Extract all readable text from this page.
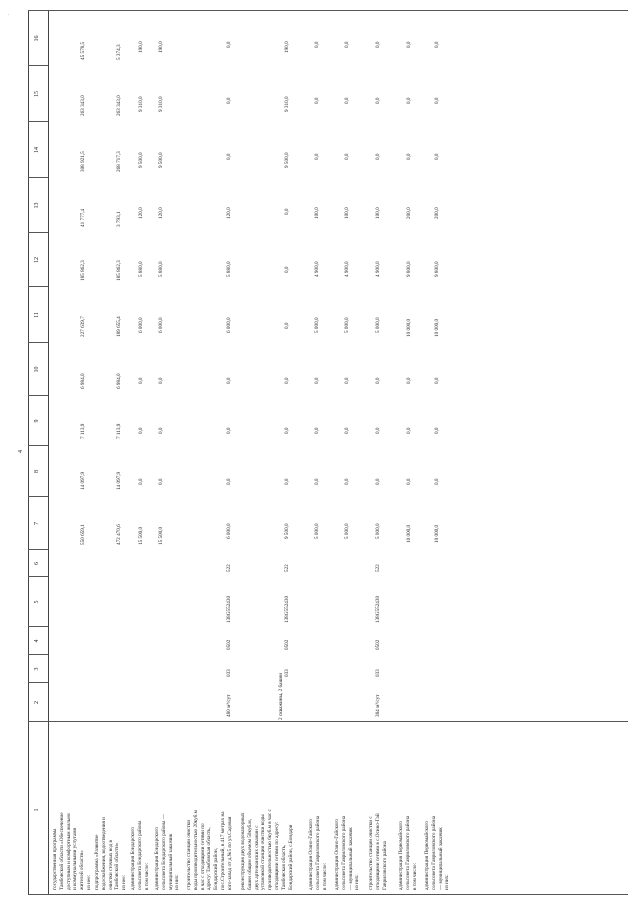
.
4
1
2
3
4
5
6
7
8
9
10
11
12
13
14
15
16
государственная программа
Тамбовской области «Обеспечение
доступным и комфортным жильем
и коммунальными услугами
жителей области»
из нее:
550 659,1
14 097,9
7 113,9
6 984,0
227 639,7
185 862,3
41 777,4
308 921,5
263 343,0
45 578,5
подпрограмма «Развитие
водоснабжения, водоотведения и
очистки сточных вод в
Тамбовской области»
из нее:
472 470,6
14 097,9
7 113,9
6 984,0
189 655,4
185 862,3
3 793,1
268 717,3
263 343,0
5 374,3
администрация Бондарского
сельсовета Бондарского района
в том числе:
15 500,0
0,0
0,0
0,0
6 000,0
5 880,0
120,0
9 500,0
9 310,0
190,0
администрация Бондарского
сельсовета Бондарского района —
муниципальный заказчик
из них:
15 500,0
0,0
0,0
0,0
6 000,0
5 880,0
120,0
9 500,0
9 310,0
190,0
строительство станции очистки
воды производительностью 20куб.м
в час с отходящими сетями по
адресу: Тамбовская область,
Бондарский район,
пос.Строительный, в 417 метрах на
юго-запад от д.№5 по ул.Садовая
480 м³/сут
033
0502
138G552430
522
6 000,0
0,0
0,0
0,0
6 000,0
5 880,0
120,0
0,0
0,0
0,0
реконструкция двух водонапорных
башен общим объемом 50куб.м,
двух артезианских скважин с
установкой станции очистки воды
производительностью 6куб.м в час с
отходящими сетями по адресу:
Тамбовская область,
Бондарский район, с.Бондари
2 скважины, 2 башни 033
0502
138G552430
522
9 500,0
0,0
0,0
0,0
0,0
0,0
0,0
9 500,0
9 310,0
190,0
администрация Осино-Гайского
сельсовета Гавриловского района
в том числе:
5 000,0
0,0
0,0
0,0
5 000,0
4 900,0
100,0
0,0
0,0
0,0
администрация Осино-Гайского
сельсовета Гавриловского района
— муниципальный заказчик
из них:
5 000,0
0,0
0,0
0,0
5 000,0
4 900,0
100,0
0,0
0,0
0,0
строительство станции очистки с
отходящими сетями в с.Осино-Гай
Гавриловского района
384 м³/сут
033
0502
138G552430
522
5 000,0
0,0
0,0
0,0
5 000,0
4 900,0
100,0
0,0
0,0
0,0
администрация Первомайского
сельсовета Гавриловского района
в том числе:
10 000,0
0,0
0,0
0,0
10 000,0
9 800,0
200,0
0,0
0,0
0,0
администрация Первомайского
сельсовета Гавриловского района
— муниципальный заказчик
из них:
10 000,0
0,0
0,0
0,0
10 000,0
9 800,0
200,0
0,0
0,0
0,0
